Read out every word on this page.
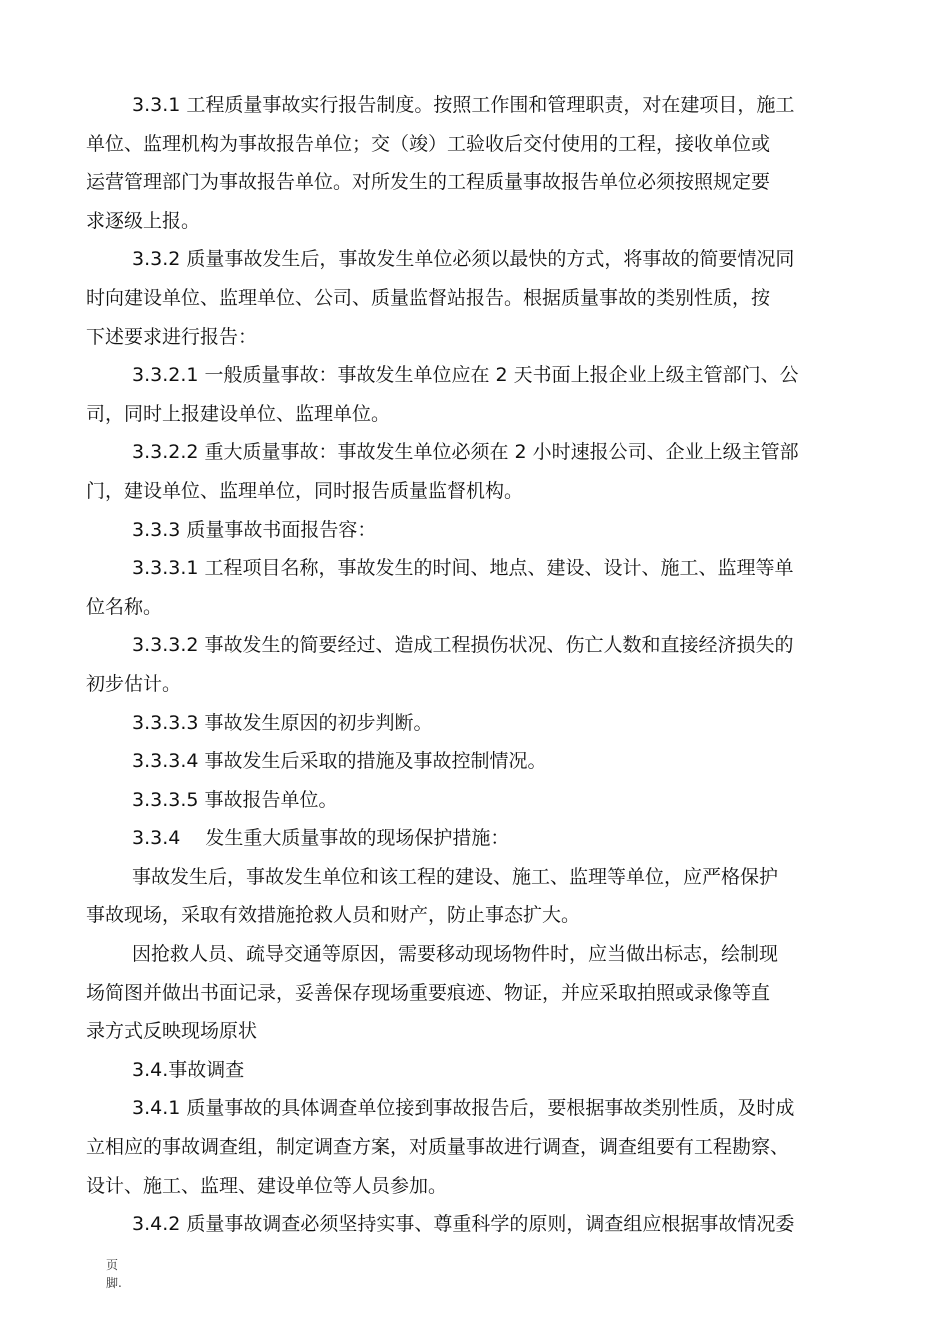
3.3.1 工程质量事故实行报告制度。按照工作围和管理职责，对在建项目，施工
单位、监理机构为事故报告单位；交（竣）工验收后交付使用的工程，接收单位或
运营管理部门为事故报告单位。对所发生的工程质量事故报告单位必须按照规定要
求逐级上报。
3.3.2 质量事故发生后，事故发生单位必须以最快的方式，将事故的简要情况同
时向建设单位、监理单位、公司、质量监督站报告。根据质量事故的类别性质，按
下述要求进行报告：
3.3.2.1 一般质量事故：事故发生单位应在 2 天书面上报企业上级主管部门、公
司，同时上报建设单位、监理单位。
3.3.2.2 重大质量事故：事故发生单位必须在 2 小时速报公司、企业上级主管部
门，建设单位、监理单位，同时报告质量监督机构。
3.3.3 质量事故书面报告容：
3.3.3.1 工程项目名称，事故发生的时间、地点、建设、设计、施工、监理等单
位名称。
3.3.3.2 事故发生的简要经过、造成工程损伤状况、伤亡人数和直接经济损失的
初步估计。
3.3.3.3 事故发生原因的初步判断。
3.3.3.4 事故发生后采取的措施及事故控制情况。
3.3.3.5 事故报告单位。
3.3.4　 发生重大质量事故的现场保护措施：
事故发生后，事故发生单位和该工程的建设、施工、监理等单位，应严格保护
事故现场，采取有效措施抢救人员和财产，防止事态扩大。
因抢救人员、疏导交通等原因，需要移动现场物件时，应当做出标志，绘制现
场简图并做出书面记录，妥善保存现场重要痕迹、物证，并应采取拍照或录像等直
录方式反映现场原状
3.4.事故调查
3.4.1 质量事故的具体调查单位接到事故报告后，要根据事故类别性质，及时成
立相应的事故调查组，制定调查方案，对质量事故进行调查，调查组要有工程勘察、
设计、施工、监理、建设单位等人员参加。
3.4.2 质量事故调查必须坚持实事、尊重科学的原则，调查组应根据事故情况委
页
脚.
